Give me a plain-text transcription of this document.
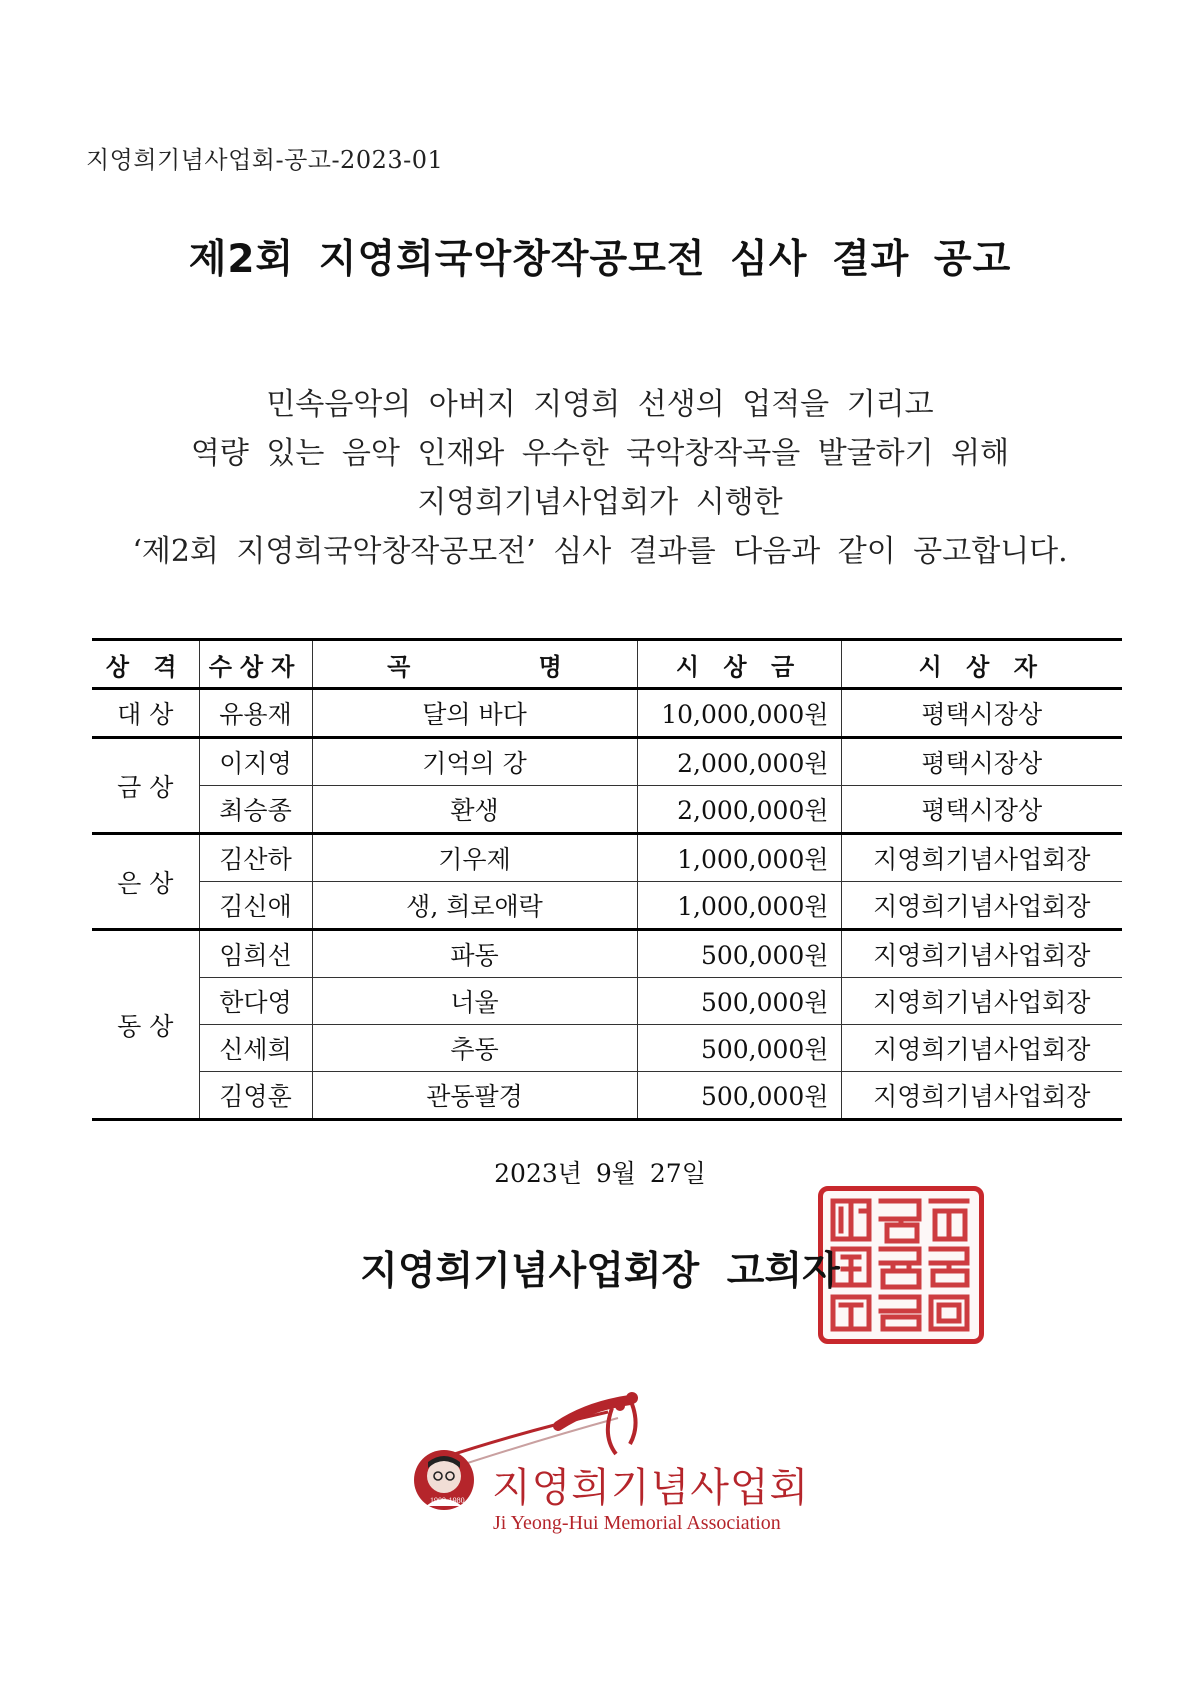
지영희기념사업회-공고-2023-01
제2회 지영희국악창작공모전 심사 결과 공고
민속음악의 아버지 지영희 선생의 업적을 기리고
역량 있는 음악 인재와 우수한 국악창작곡을 발굴하기 위해
지영희기념사업회가 시행한
‘제2회 지영희국악창작공모전’ 심사 결과를 다음과 같이 공고합니다.
상 격	수상자	곡 명	시 상 금	시 상 자
대 상	유용재	달의 바다	10,000,000원	평택시장상
금 상	이지영	기억의 강	2,000,000원	평택시장상
	최승종	환생	2,000,000원	평택시장상
은 상	김산하	기우제	1,000,000원	지영희기념사업회장
	김신애	생, 희로애락	1,000,000원	지영희기념사업회장
동 상	임희선	파동	500,000원	지영희기념사업회장
	한다영	너울	500,000원	지영희기념사업회장
	신세희	추동	500,000원	지영희기념사업회장
	김영훈	관동팔경	500,000원	지영희기념사업회장
2023년 9월 27일
지영희기념사업회장 고희자
1909-1980 지영희기념사업회
Ji Yeong-Hui Memorial Association
